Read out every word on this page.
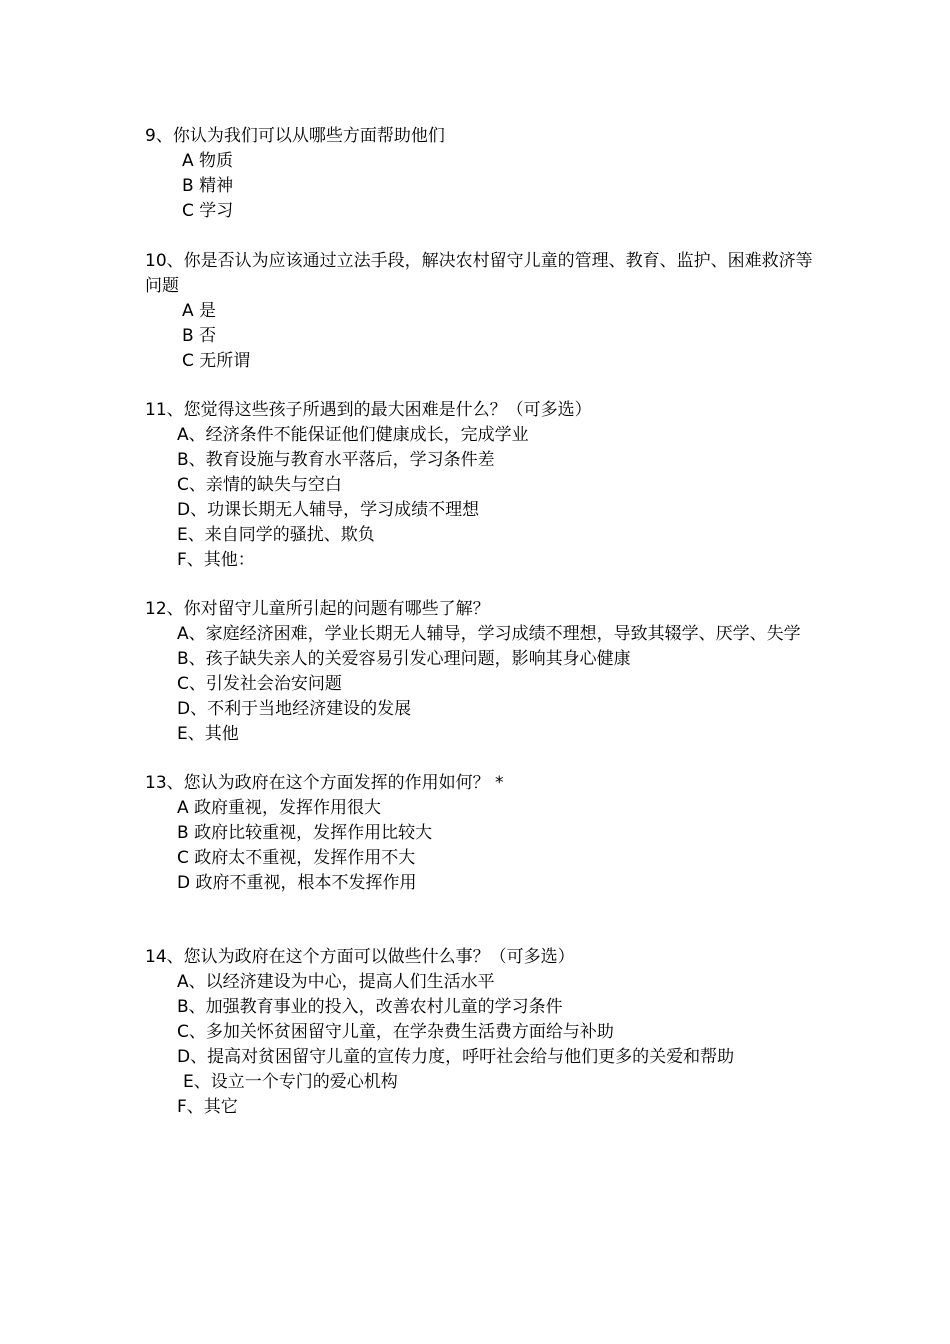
9、你认为我们可以从哪些方面帮助他们
A 物质
B 精神
C 学习
10、你是否认为应该通过立法手段，解决农村留守儿童的管理、教育、监护、困难救济等问题
A 是
B 否
C 无所谓
11、您觉得这些孩子所遇到的最大困难是什么？（可多选）
A、经济条件不能保证他们健康成长，完成学业
B、教育设施与教育水平落后，学习条件差
C、亲情的缺失与空白
D、功课长期无人辅导，学习成绩不理想
E、来自同学的骚扰、欺负
F、其他：
12、你对留守儿童所引起的问题有哪些了解？
A、家庭经济困难，学业长期无人辅导，学习成绩不理想，导致其辍学、厌学、失学
B、孩子缺失亲人的关爱容易引发心理问题，影响其身心健康
C、引发社会治安问题
D、不利于当地经济建设的发展
E、其他
13、您认为政府在这个方面发挥的作用如何？ *
A 政府重视，发挥作用很大
B 政府比较重视，发挥作用比较大
C 政府太不重视，发挥作用不大
D 政府不重视，根本不发挥作用
14、您认为政府在这个方面可以做些什么事？（可多选）
A、以经济建设为中心，提高人们生活水平
B、加强教育事业的投入，改善农村儿童的学习条件
C、多加关怀贫困留守儿童，在学杂费生活费方面给与补助
D、提高对贫困留守儿童的宣传力度，呼吁社会给与他们更多的关爱和帮助
E、设立一个专门的爱心机构
F、其它
